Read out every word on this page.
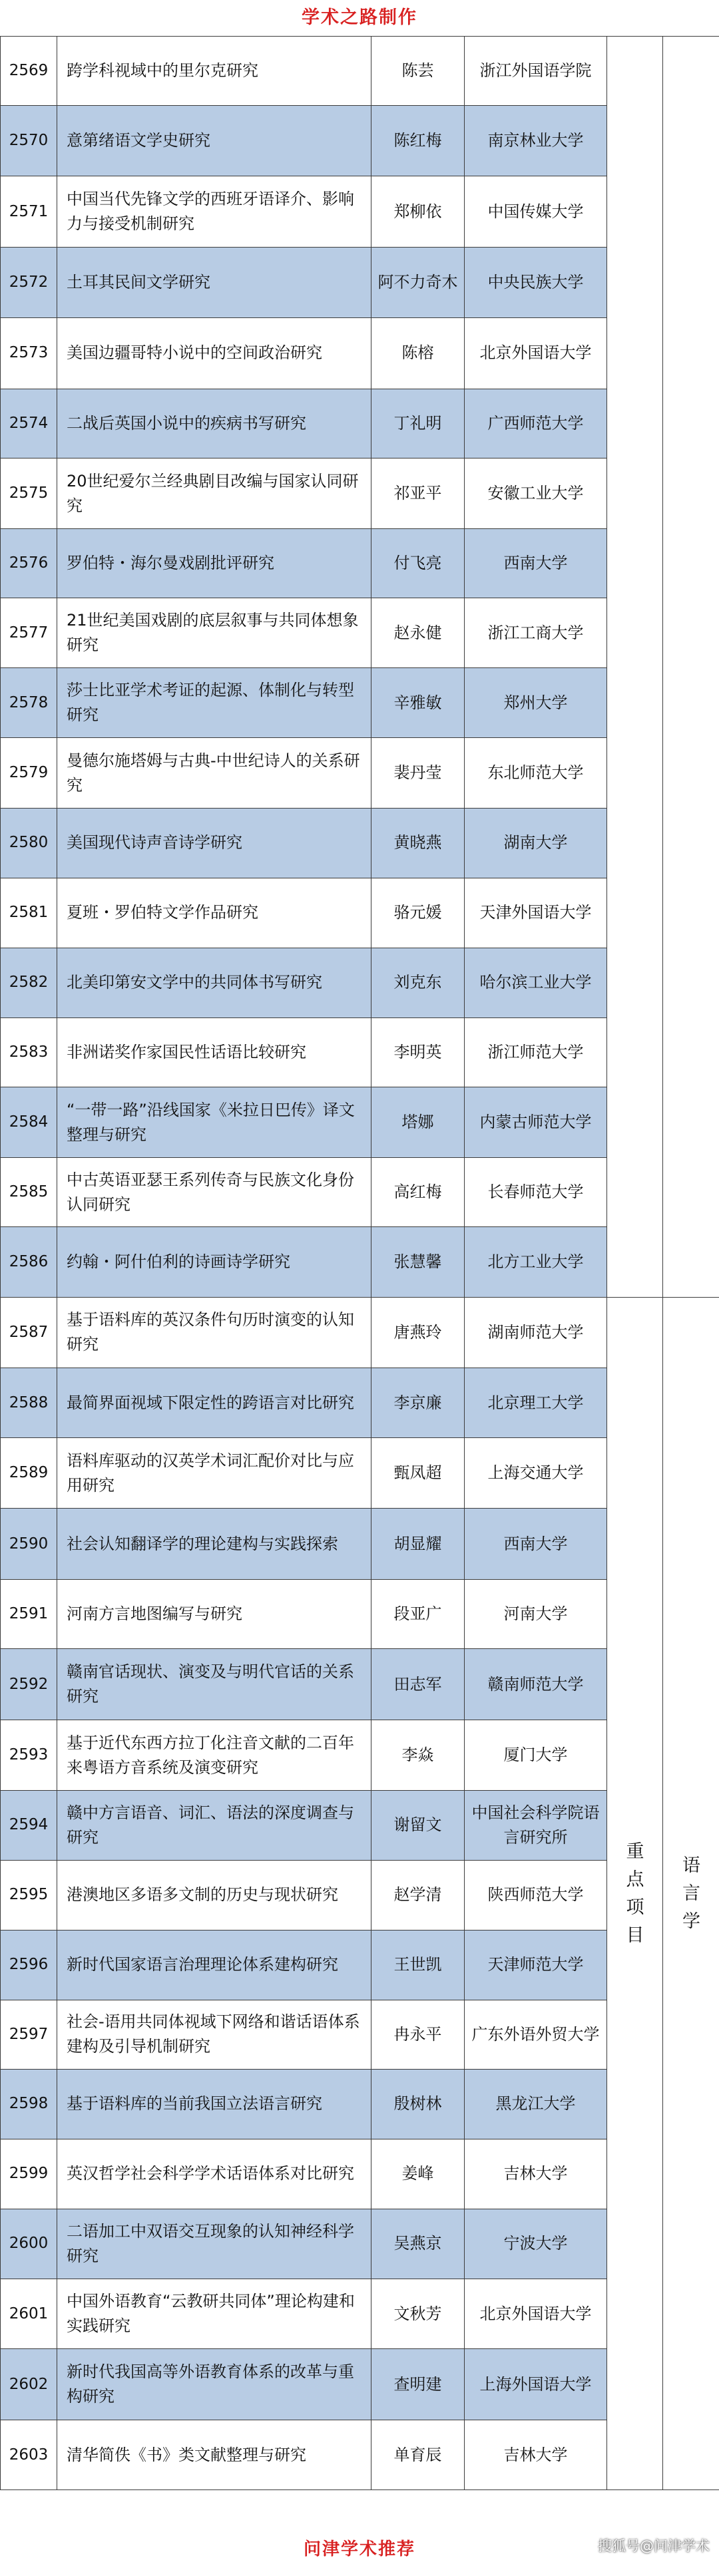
学术之路制作
2569	跨学科视域中的里尔克研究	陈芸	浙江外国语学院		
2570	意第绪语文学史研究	陈红梅	南京林业大学		
2571	中国当代先锋文学的西班牙语译介、影响力与接受机制研究	郑柳依	中国传媒大学		
2572	土耳其民间文学研究	阿不力奇木	中央民族大学		
2573	美国边疆哥特小说中的空间政治研究	陈榕	北京外国语大学		
2574	二战后英国小说中的疾病书写研究	丁礼明	广西师范大学		
2575	20世纪爱尔兰经典剧目改编与国家认同研究	祁亚平	安徽工业大学		
2576	罗伯特・海尔曼戏剧批评研究	付飞亮	西南大学		
2577	21世纪美国戏剧的底层叙事与共同体想象研究	赵永健	浙江工商大学		
2578	莎士比亚学术考证的起源、体制化与转型研究	辛雅敏	郑州大学		
2579	曼德尔施塔姆与古典-中世纪诗人的关系研究	裴丹莹	东北师范大学		
2580	美国现代诗声音诗学研究	黄晓燕	湖南大学		
2581	夏班・罗伯特文学作品研究	骆元媛	天津外国语大学		
2582	北美印第安文学中的共同体书写研究	刘克东	哈尔滨工业大学		
2583	非洲诺奖作家国民性话语比较研究	李明英	浙江师范大学		
2584	“一带一路”沿线国家《米拉日巴传》译文整理与研究	塔娜	内蒙古师范大学		
2585	中古英语亚瑟王系列传奇与民族文化身份认同研究	高红梅	长春师范大学		
2586	约翰・阿什伯利的诗画诗学研究	张慧馨	北方工业大学		
2587	基于语料库的英汉条件句历时演变的认知研究	唐燕玲	湖南师范大学	重点项目	语言学
2588	最简界面视域下限定性的跨语言对比研究	李京廉	北京理工大学		
2589	语料库驱动的汉英学术词汇配价对比与应用研究	甄凤超	上海交通大学		
2590	社会认知翻译学的理论建构与实践探索	胡显耀	西南大学		
2591	河南方言地图编写与研究	段亚广	河南大学		
2592	赣南官话现状、演变及与明代官话的关系研究	田志军	赣南师范大学		
2593	基于近代东西方拉丁化注音文献的二百年来粤语方音系统及演变研究	李焱	厦门大学		
2594	赣中方言语音、词汇、语法的深度调查与研究	谢留文	中国社会科学院语言研究所		
2595	港澳地区多语多文制的历史与现状研究	赵学清	陕西师范大学		
2596	新时代国家语言治理理论体系建构研究	王世凯	天津师范大学		
2597	社会-语用共同体视域下网络和谐话语体系建构及引导机制研究	冉永平	广东外语外贸大学		
2598	基于语料库的当前我国立法语言研究	殷树林	黑龙江大学		
2599	英汉哲学社会科学学术话语体系对比研究	姜峰	吉林大学		
2600	二语加工中双语交互现象的认知神经科学研究	吴燕京	宁波大学		
2601	中国外语教育“云教研共同体”理论构建和实践研究	文秋芳	北京外国语大学		
2602	新时代我国高等外语教育体系的改革与重构研究	查明建	上海外国语大学		
2603	清华简佚《书》类文献整理与研究	单育辰	吉林大学		
问津学术推荐	搜狐号@问津学术
